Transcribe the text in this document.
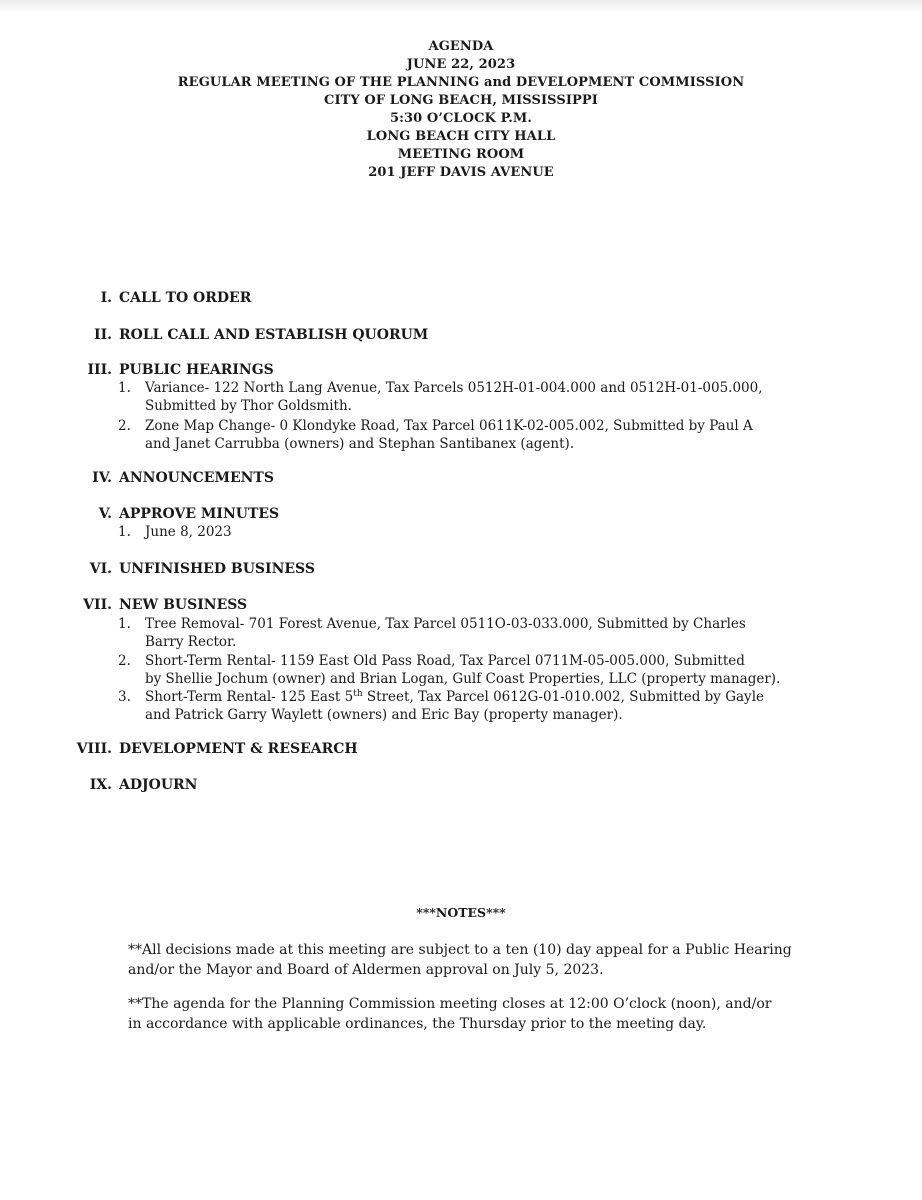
AGENDA
JUNE 22, 2023
REGULAR MEETING OF THE PLANNING and DEVELOPMENT COMMISSION
CITY OF LONG BEACH, MISSISSIPPI
5:30 O’CLOCK P.M.
LONG BEACH CITY HALL
MEETING ROOM
201 JEFF DAVIS AVENUE
I. CALL TO ORDER
II. ROLL CALL AND ESTABLISH QUORUM
III. PUBLIC HEARINGS
1.	Variance- 122 North Lang Avenue, Tax Parcels 0512H-01-004.000 and 0512H-01-005.000,
Submitted by Thor Goldsmith.
2.	Zone Map Change- 0 Klondyke Road, Tax Parcel 0611K-02-005.002, Submitted by Paul A
and Janet Carrubba (owners) and Stephan Santibanex (agent).
IV. ANNOUNCEMENTS
V. APPROVE MINUTES
1.	June 8, 2023
VI. UNFINISHED BUSINESS
VII. NEW BUSINESS
1.	Tree Removal- 701 Forest Avenue, Tax Parcel 0511O-03-033.000, Submitted by Charles
Barry Rector.
2.	Short-Term Rental- 1159 East Old Pass Road, Tax Parcel 0711M-05-005.000, Submitted
by Shellie Jochum (owner) and Brian Logan, Gulf Coast Properties, LLC (property manager).
3.	Short-Term Rental- 125 East 5th Street, Tax Parcel 0612G-01-010.002, Submitted by Gayle
and Patrick Garry Waylett (owners) and Eric Bay (property manager).
VIII. DEVELOPMENT & RESEARCH
IX. ADJOURN
***NOTES***
**All decisions made at this meeting are subject to a ten (10) day appeal for a Public Hearing
and/or the Mayor and Board of Aldermen approval on July 5, 2023.
**The agenda for the Planning Commission meeting closes at 12:00 O’clock (noon), and/or
in accordance with applicable ordinances, the Thursday prior to the meeting day.
